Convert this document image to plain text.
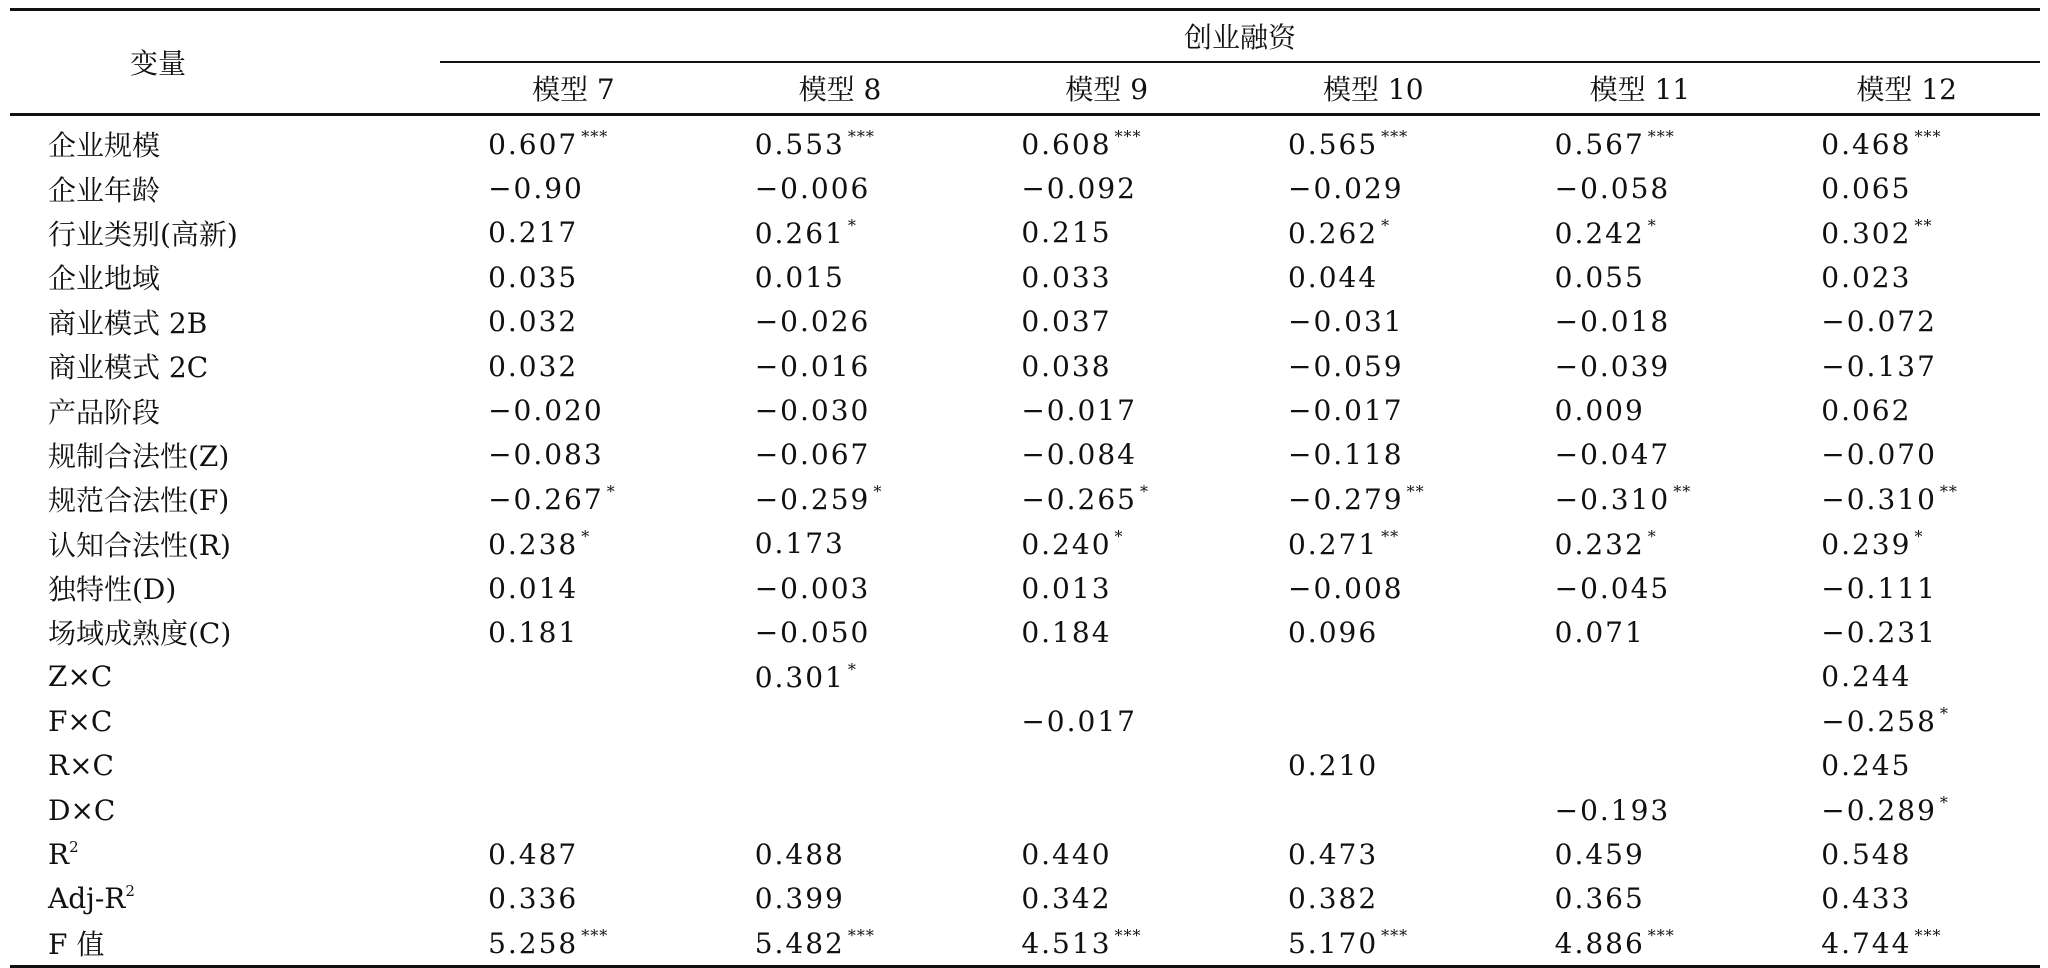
变量	创业融资					
	模型 7	模型 8	模型 9	模型 10	模型 11	模型 12
企业规模	0.607 ***	0.553 ***	0.608 ***	0.565 ***	0.567 ***	0.468 ***
企业年龄	−0.90	−0.006	−0.092	−0.029	−0.058	0.065
行业类别(高新)	0.217	0.261 *	0.215	0.262 *	0.242 *	0.302 **
企业地域	0.035	0.015	0.033	0.044	0.055	0.023
商业模式 2B	0.032	−0.026	0.037	−0.031	−0.018	−0.072
商业模式 2C	0.032	−0.016	0.038	−0.059	−0.039	−0.137
产品阶段	−0.020	−0.030	−0.017	−0.017	0.009	0.062
规制合法性(Z)	−0.083	−0.067	−0.084	−0.118	−0.047	−0.070
规范合法性(F)	−0.267 *	−0.259 *	−0.265 *	−0.279 **	−0.310 **	−0.310 **
认知合法性(R)	0.238 *	0.173	0.240 *	0.271 **	0.232 *	0.239 *
独特性(D)	0.014	−0.003	0.013	−0.008	−0.045	−0.111
场域成熟度(C)	0.181	−0.050	0.184	0.096	0.071	−0.231
Z×C		0.301 *				0.244
F×C			−0.017			−0.258 *
R×C				0.210		0.245
D×C					−0.193	−0.289 *
$R^2$	0.487	0.488	0.440	0.473	0.459	0.548
Adj-$R^2$	0.336	0.399	0.342	0.382	0.365	0.433
F 值	5.258 ***	5.482 ***	4.513 ***	5.170 ***	4.886 ***	4.744 ***
